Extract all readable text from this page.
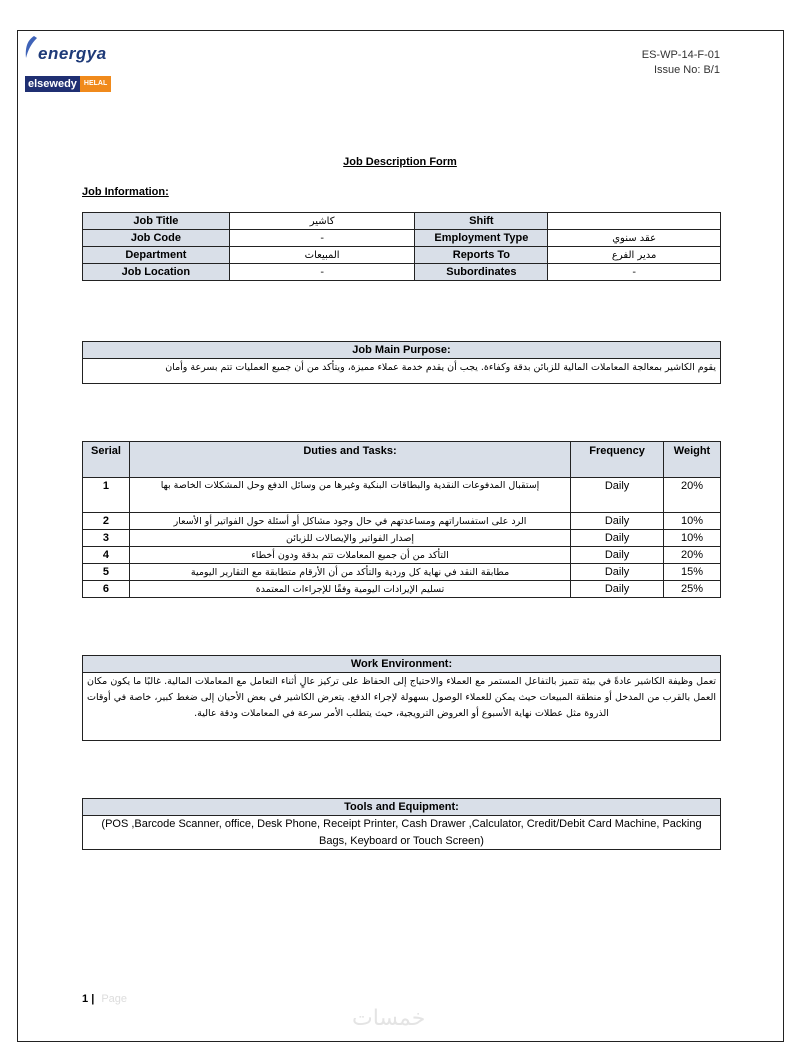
energya
elsewedy	HELAL
ES-WP-14-F-01
Issue No: B/1
Job Description Form
Job Information:
Job Title	كاشير	Shift	
Job Code	-	Employment Type	عقد سنوي
Department	المبيعات	Reports To	مدير الفرع
Job Location	-	Subordinates	-
Job Main Purpose:
يقوم الكاشير بمعالجة المعاملات المالية للزبائن بدقة وكفاءة. يجب أن يقدم خدمة عملاء مميزة، ويتأكد من أن جميع العمليات تتم بسرعة وأمان
Serial	Duties and Tasks:	Frequency	Weight
1	إستقبال المدفوعات النقدية والبطاقات البنكية وغيرها من وسائل الدفع وحل المشكلات الخاصة بها	Daily	20%
2	الرد على استفساراتهم ومساعدتهم في حال وجود مشاكل أو أسئلة حول الفواتير أو الأسعار	Daily	10%
3	إصدار الفواتير والإيصالات للزبائن	Daily	10%
4	التأكد من أن جميع المعاملات تتم بدقة ودون أخطاء	Daily	20%
5	مطابقة النقد في نهاية كل وردية والتأكد من أن الأرقام متطابقة مع التقارير اليومية	Daily	15%
6	تسليم الإيرادات اليومية وفقًا للإجراءات المعتمدة	Daily	25%
Work Environment:
تعمل وظيفة الكاشير عادةً في بيئة تتميز بالتفاعل المستمر مع العملاء والاحتياج إلى الحفاظ على تركيز عالٍ أثناء التعامل مع المعاملات المالية. غالبًا ما يكون مكان العمل بالقرب من المدخل أو منطقة المبيعات حيث يمكن للعملاء الوصول بسهولة لإجراء الدفع. يتعرض الكاشير في بعض الأحيان إلى ضغط كبير، خاصة في أوقات الذروة مثل عطلات نهاية الأسبوع أو العروض الترويجية، حيث يتطلب الأمر سرعة في المعاملات ودقة عالية.
Tools and Equipment:
(POS ,Barcode Scanner, office, Desk Phone, Receipt Printer, Cash Drawer ,Calculator, Credit/Debit Card Machine, Packing Bags, Keyboard or Touch Screen)
1 | Page
خمسات
